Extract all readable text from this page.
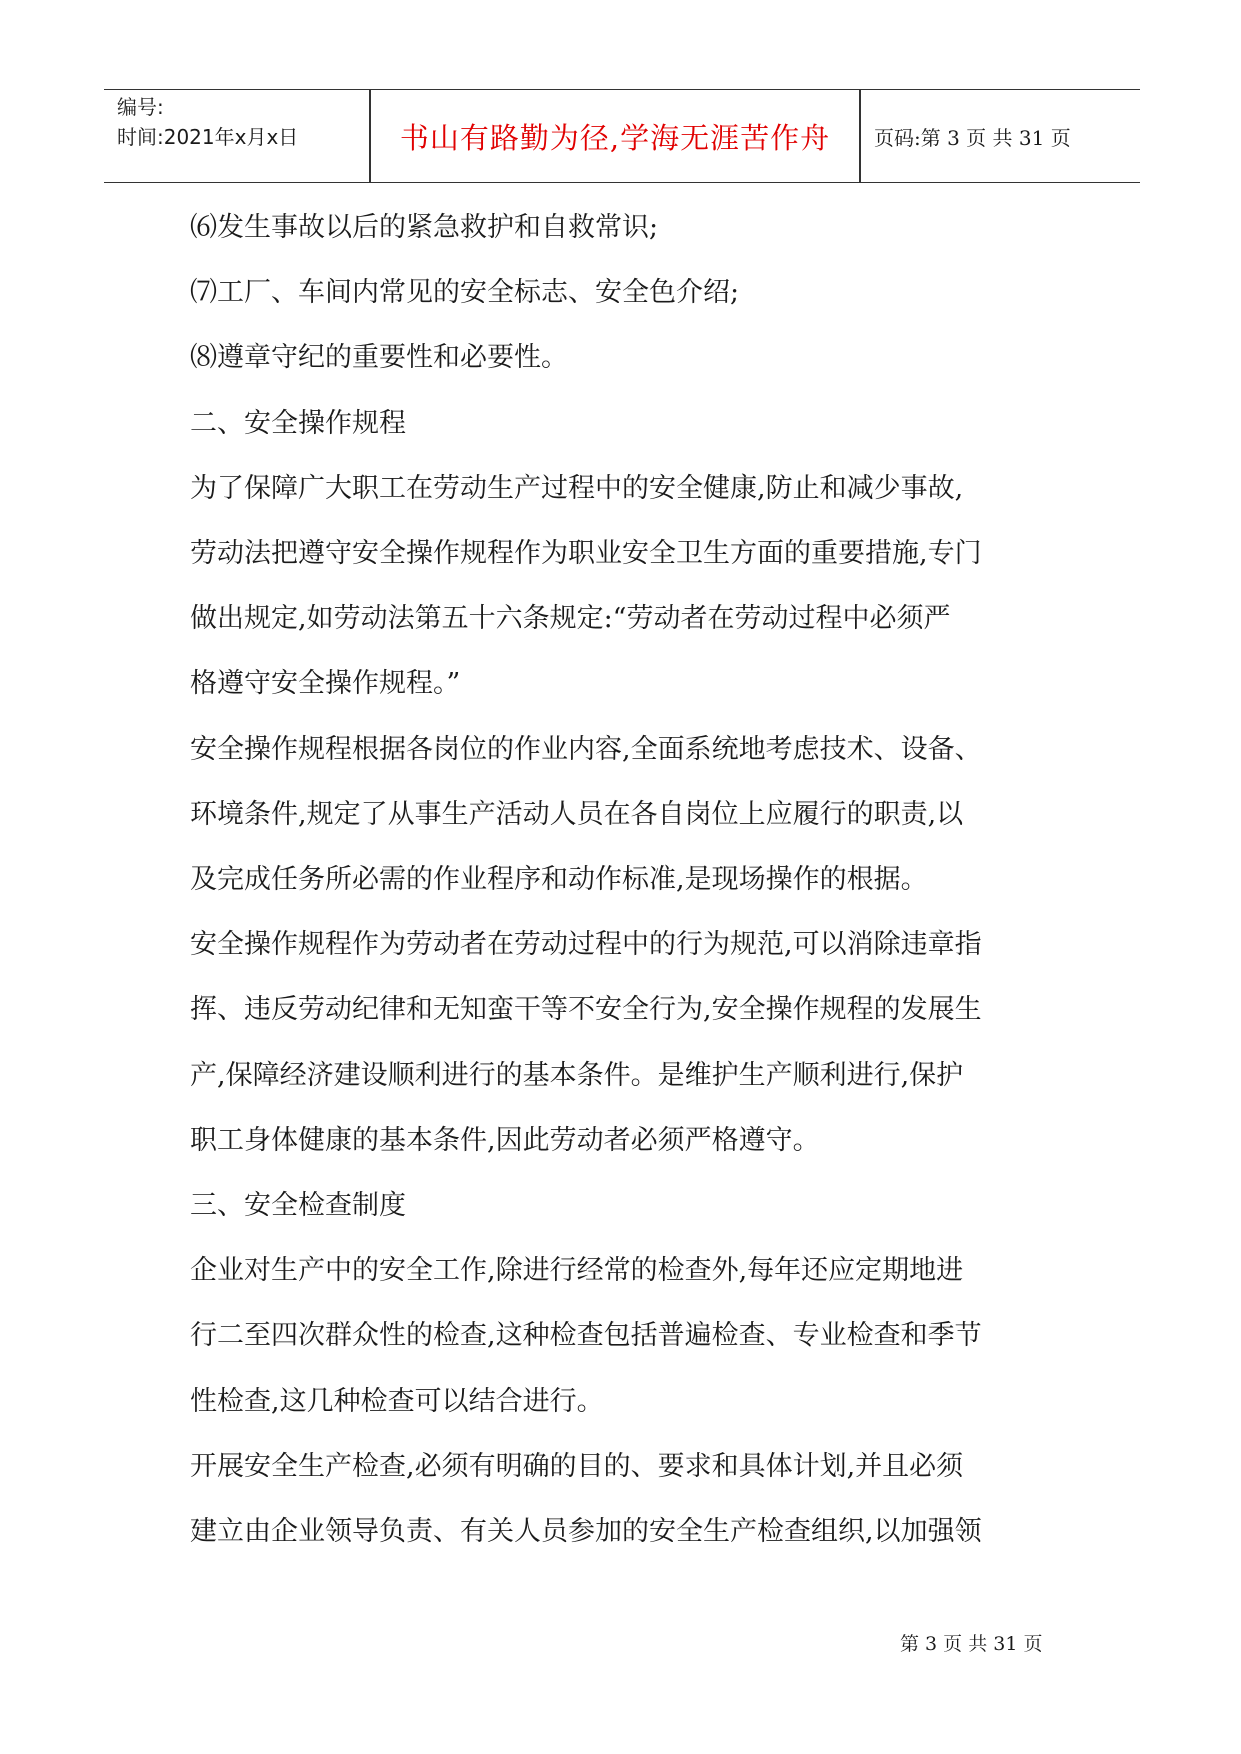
编号:
时间:2021年x月x日	书山有路勤为径,学海无涯苦作舟	页码:第 3 页 共 31 页

⑹发生事故以后的紧急救护和自救常识;

⑺工厂、车间内常见的安全标志、安全色介绍;

⑻遵章守纪的重要性和必要性。

二、安全操作规程

为了保障广大职工在劳动生产过程中的安全健康,防止和减少事故,

劳动法把遵守安全操作规程作为职业安全卫生方面的重要措施,专门

做出规定,如劳动法第五十六条规定:“劳动者在劳动过程中必须严

格遵守安全操作规程。”

安全操作规程根据各岗位的作业内容,全面系统地考虑技术、设备、

环境条件,规定了从事生产活动人员在各自岗位上应履行的职责,以

及完成任务所必需的作业程序和动作标准,是现场操作的根据。

安全操作规程作为劳动者在劳动过程中的行为规范,可以消除违章指

挥、违反劳动纪律和无知蛮干等不安全行为,安全操作规程的发展生

产,保障经济建设顺利进行的基本条件。是维护生产顺利进行,保护

职工身体健康的基本条件,因此劳动者必须严格遵守。

三、安全检查制度

企业对生产中的安全工作,除进行经常的检查外,每年还应定期地进

行二至四次群众性的检查,这种检查包括普遍检查、专业检查和季节

性检查,这几种检查可以结合进行。

开展安全生产检查,必须有明确的目的、要求和具体计划,并且必须

建立由企业领导负责、有关人员参加的安全生产检查组织,以加强领

第 3 页 共 31 页
